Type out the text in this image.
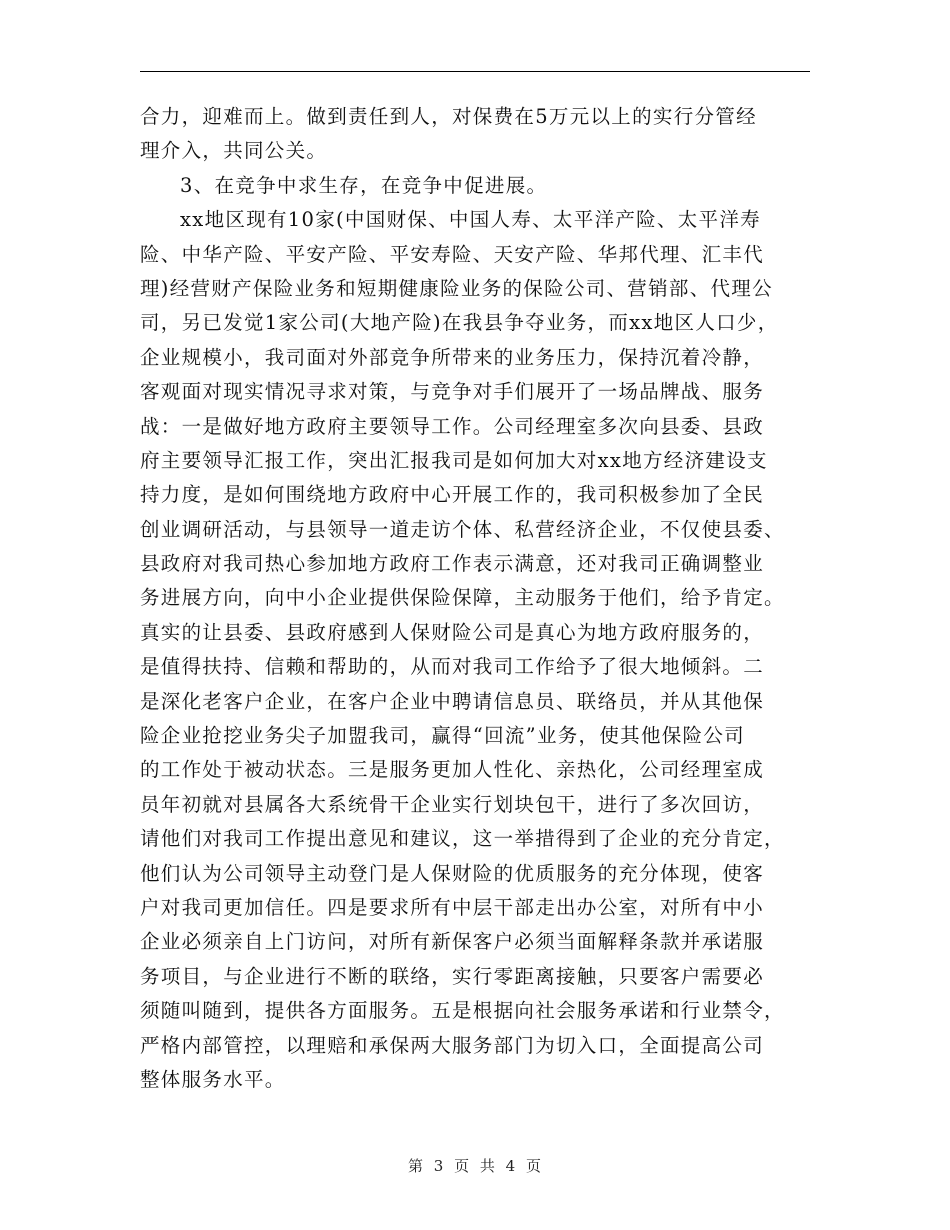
合力，迎难而上。做到责任到人，对保费在5万元以上的实行分管经
理介入，共同公关。
3、在竞争中求生存，在竞争中促进展。
xx地区现有10家(中国财保、中国人寿、太平洋产险、太平洋寿
险、中华产险、平安产险、平安寿险、天安产险、华邦代理、汇丰代
理)经营财产保险业务和短期健康险业务的保险公司、营销部、代理公
司，另已发觉1家公司(大地产险)在我县争夺业务，而xx地区人口少，
企业规模小，我司面对外部竞争所带来的业务压力，保持沉着冷静，
客观面对现实情况寻求对策，与竞争对手们展开了一场品牌战、服务
战：一是做好地方政府主要领导工作。公司经理室多次向县委、县政
府主要领导汇报工作，突出汇报我司是如何加大对xx地方经济建设支
持力度，是如何围绕地方政府中心开展工作的，我司积极参加了全民
创业调研活动，与县领导一道走访个体、私营经济企业，不仅使县委、
县政府对我司热心参加地方政府工作表示满意，还对我司正确调整业
务进展方向，向中小企业提供保险保障，主动服务于他们，给予肯定。
真实的让县委、县政府感到人保财险公司是真心为地方政府服务的，
是值得扶持、信赖和帮助的，从而对我司工作给予了很大地倾斜。二
是深化老客户企业，在客户企业中聘请信息员、联络员，并从其他保
险企业抢挖业务尖子加盟我司，赢得“回流”业务，使其他保险公司
的工作处于被动状态。三是服务更加人性化、亲热化，公司经理室成
员年初就对县属各大系统骨干企业实行划块包干，进行了多次回访，
请他们对我司工作提出意见和建议，这一举措得到了企业的充分肯定，
他们认为公司领导主动登门是人保财险的优质服务的充分体现，使客
户对我司更加信任。四是要求所有中层干部走出办公室，对所有中小
企业必须亲自上门访问，对所有新保客户必须当面解释条款并承诺服
务项目，与企业进行不断的联络，实行零距离接触，只要客户需要必
须随叫随到，提供各方面服务。五是根据向社会服务承诺和行业禁令，
严格内部管控，以理赔和承保两大服务部门为切入口，全面提高公司
整体服务水平。
第 3 页 共 4 页
